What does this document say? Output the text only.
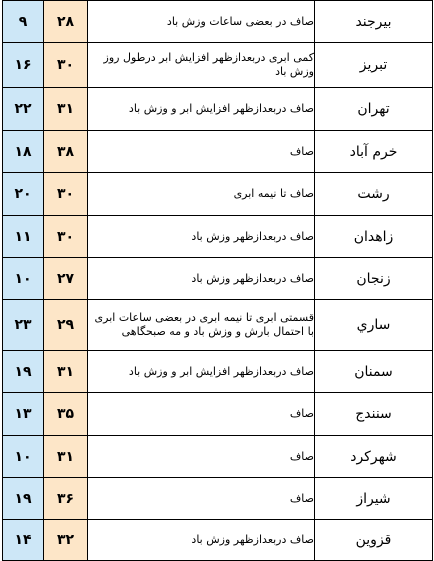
۹	۲۸	صاف در بعضی ساعات وزش باد	بیرجند
۱۶	۳۰	کمی ابری دربعدازظهر افزایش ابر درطول روز وزش باد	تبریز
۲۲	۳۱	صاف دربعدازظهر افزایش ابر و وزش باد	تهران
۱۸	۳۸	صاف	خرم آباد
۲۰	۳۰	صاف تا نیمه ابری	رشت
۱۱	۳۰	صاف دربعدازظهر وزش باد	زاهدان
۱۰	۲۷	صاف دربعدازظهر وزش باد	زنجان
۲۳	۲۹	قسمتی ابری تا نیمه ابری در بعضی ساعات ابری با احتمال بارش و وزش باد و مه صبحگاهی	ساري
۱۹	۳۱	صاف دربعدازظهر افزایش ابر و وزش باد	سمنان
۱۳	۳۵	صاف	سنندج
۱۰	۳۱	صاف	شهركرد
۱۹	۳۶	صاف	شيراز
۱۴	۳۲	صاف دربعدازظهر وزش باد	قزوين
